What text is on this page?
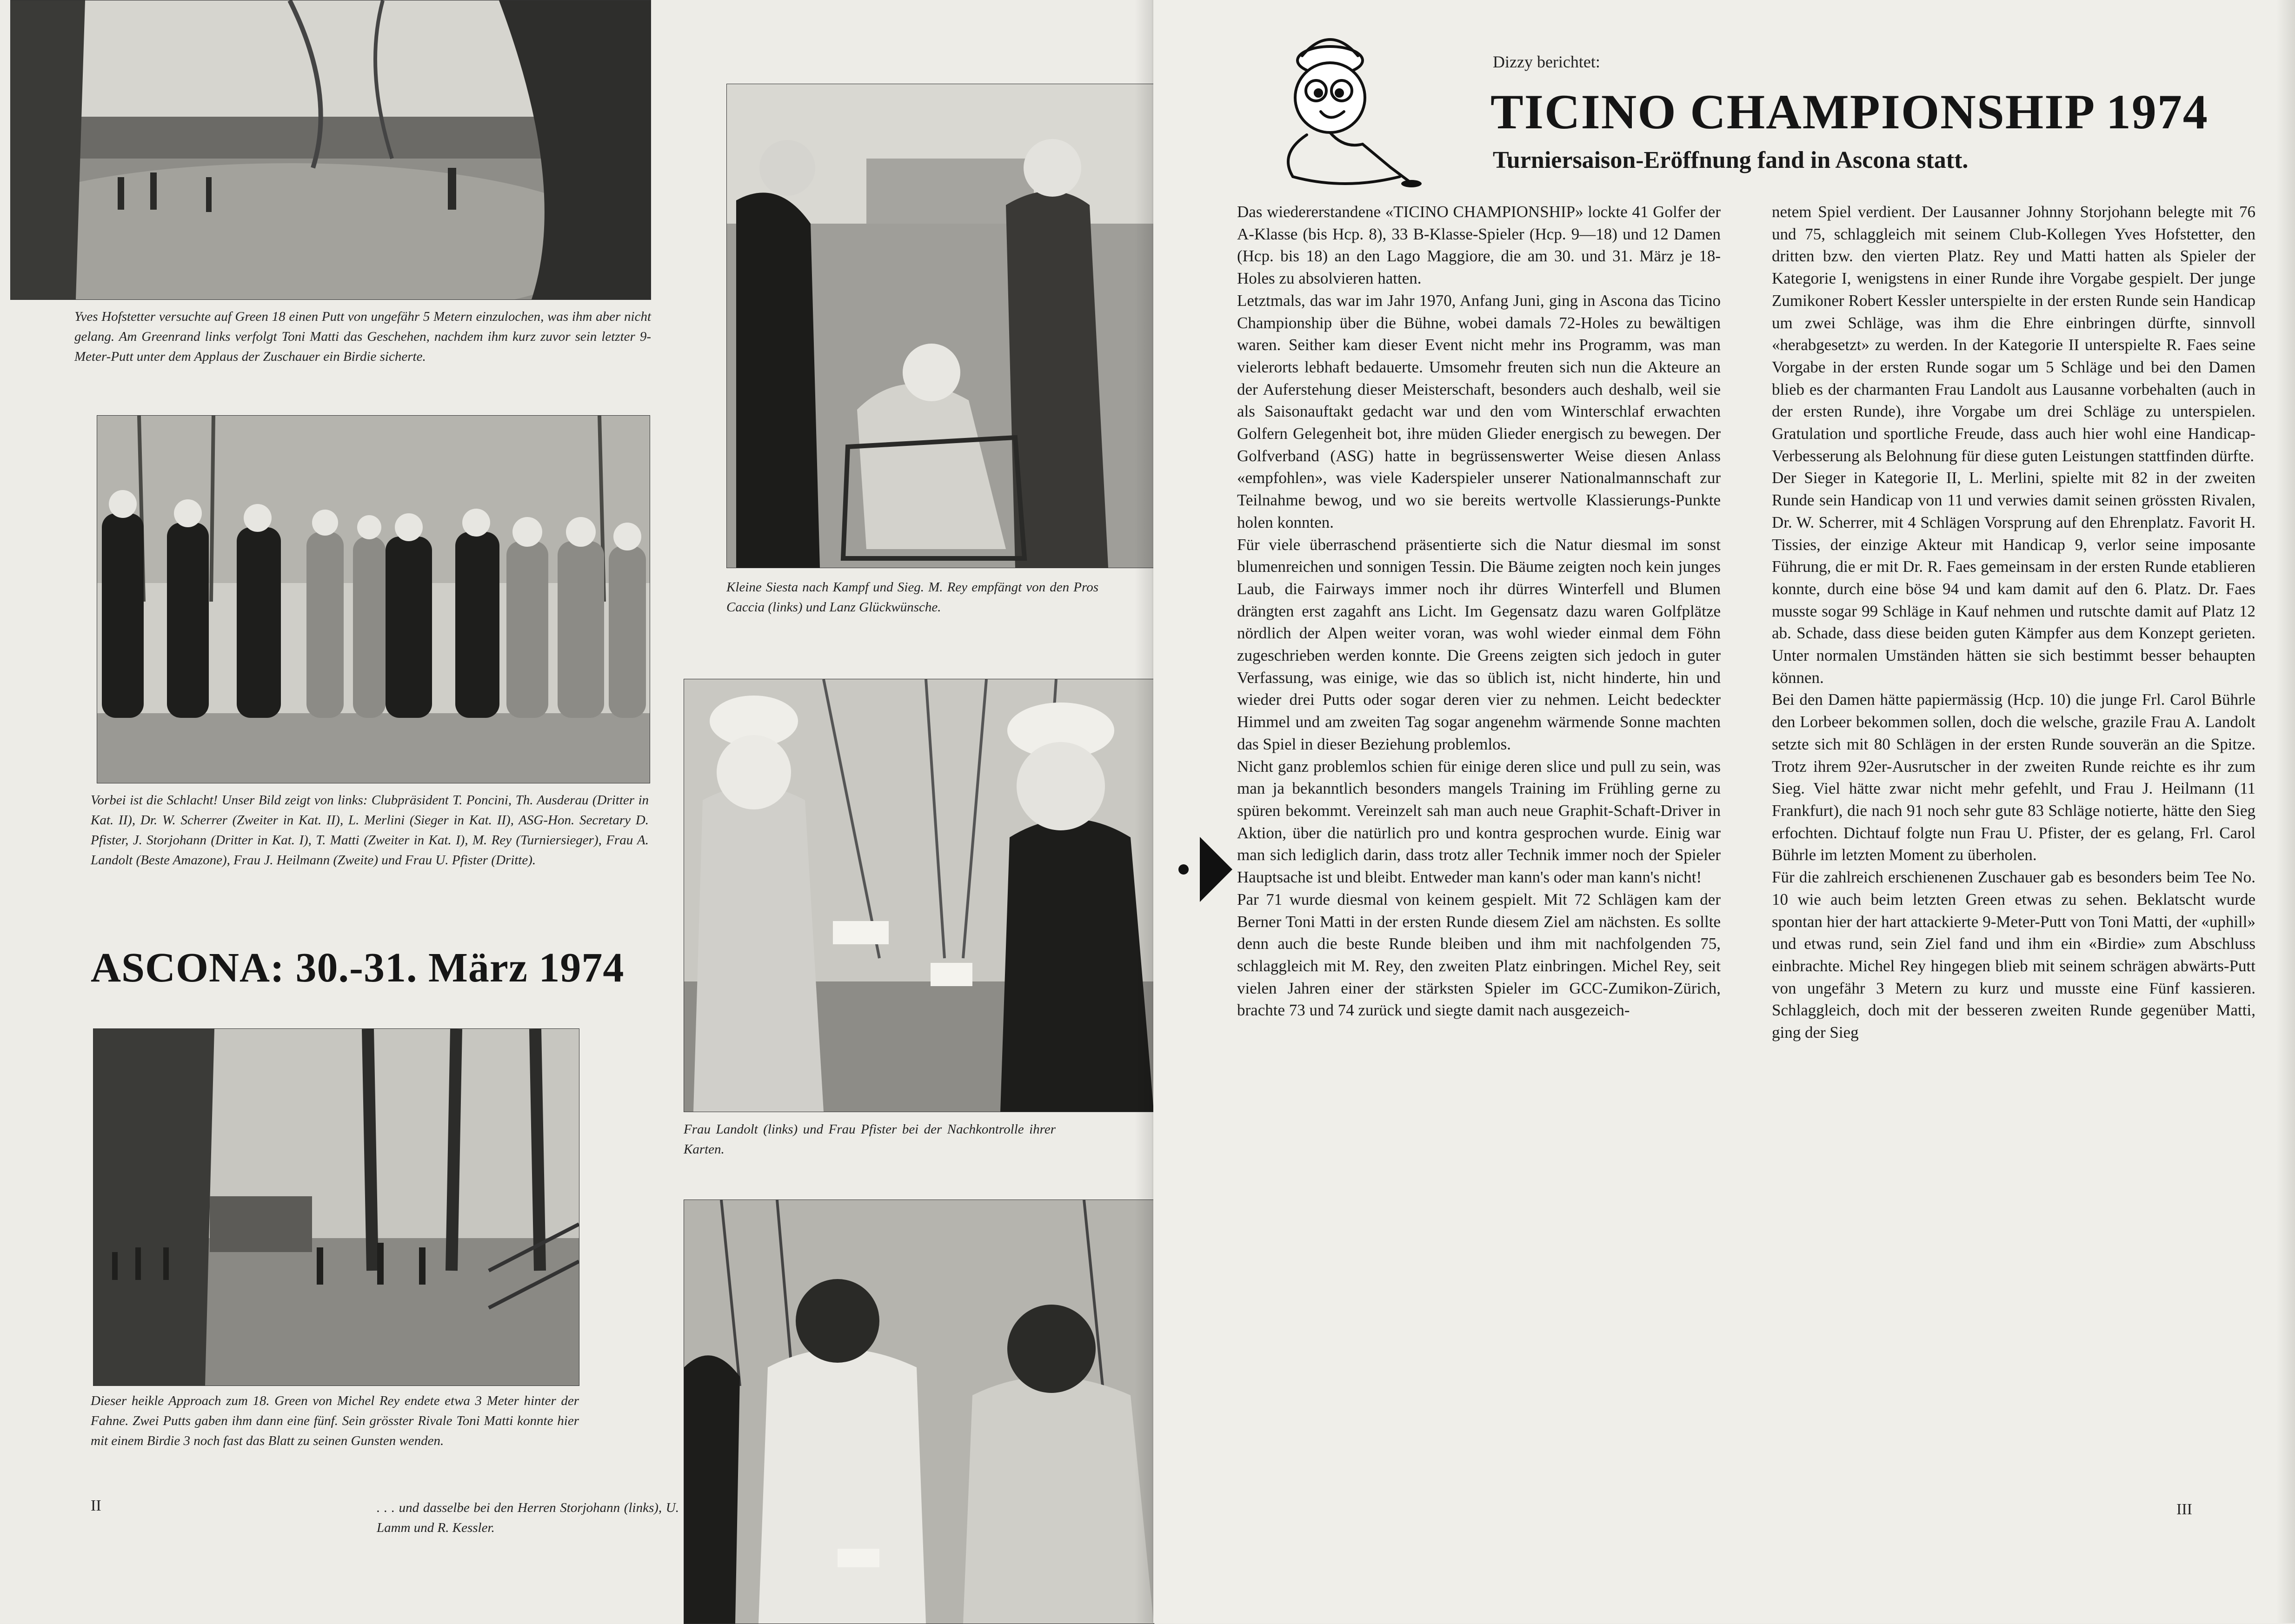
Yves Hofstetter versuchte auf Green 18 einen Putt von ungefähr 5 Metern einzulochen, was ihm aber nicht gelang. Am Greenrand links verfolgt Toni Matti das Geschehen, nachdem ihm kurz zuvor sein letzter 9-Meter-Putt unter dem Applaus der Zuschauer ein Birdie sicherte.

Vorbei ist die Schlacht! Unser Bild zeigt von links: Clubpräsident T. Poncini, Th. Ausderau (Dritter in Kat. II), Dr. W. Scherrer (Zweiter in Kat. II), L. Merlini (Sieger in Kat. II), ASG-Hon. Secretary D. Pfister, J. Storjohann (Dritter in Kat. I), T. Matti (Zweiter in Kat. I), M. Rey (Turniersieger), Frau A. Landolt (Beste Amazone), Frau J. Heilmann (Zweite) und Frau U. Pfister (Dritte).

ASCONA: 30.-31. März 1974

Dieser heikle Approach zum 18. Green von Michel Rey endete etwa 3 Meter hinter der Fahne. Zwei Putts gaben ihm dann eine fünf. Sein grösster Rivale Toni Matti konnte hier mit einem Birdie 3 noch fast das Blatt zu seinen Gunsten wenden.

II

Kleine Siesta nach Kampf und Sieg. M. Rey empfängt von den Pros Caccia (links) und Lanz Glückwünsche.

Frau Landolt (links) und Frau Pfister bei der Nachkontrolle ihrer Karten.

. . . und dasselbe bei den Herren Storjohann (links), U. Lamm und R. Kessler.

Dizzy berichtet:

TICINO CHAMPIONSHIP 1974
Turniersaison-Eröffnung fand in Ascona statt.

Das wiedererstandene «TICINO CHAMPIONSHIP» lockte 41 Golfer der A-Klasse (bis Hcp. 8), 33 B-Klasse-Spieler (Hcp. 9—18) und 12 Damen (Hcp. bis 18) an den Lago Maggiore, die am 30. und 31. März je 18-Holes zu absolvieren hatten.

Letztmals, das war im Jahr 1970, Anfang Juni, ging in Ascona das Ticino Championship über die Bühne, wobei damals 72-Holes zu bewältigen waren. Seither kam dieser Event nicht mehr ins Programm, was man vielerorts lebhaft bedauerte. Umsomehr freuten sich nun die Akteure an der Auferstehung dieser Meisterschaft, besonders auch deshalb, weil sie als Saisonauftakt gedacht war und den vom Winterschlaf erwachten Golfern Gelegenheit bot, ihre müden Glieder energisch zu bewegen. Der Golfverband (ASG) hatte in begrüssenswerter Weise diesen Anlass «empfohlen», was viele Kaderspieler unserer Nationalmannschaft zur Teilnahme bewog, und wo sie bereits wertvolle Klassierungs-Punkte holen konnten.

Für viele überraschend präsentierte sich die Natur diesmal im sonst blumenreichen und sonnigen Tessin. Die Bäume zeigten noch kein junges Laub, die Fairways immer noch ihr dürres Winterfell und Blumen drängten erst zagahft ans Licht. Im Gegensatz dazu waren Golfplätze nördlich der Alpen weiter voran, was wohl wieder einmal dem Föhn zugeschrieben werden konnte. Die Greens zeigten sich jedoch in guter Verfassung, was einige, wie das so üblich ist, nicht hinderte, hin und wieder drei Putts oder sogar deren vier zu nehmen. Leicht bedeckter Himmel und am zweiten Tag sogar angenehm wärmende Sonne machten das Spiel in dieser Beziehung problemlos.

Nicht ganz problemlos schien für einige deren slice und pull zu sein, was man ja bekanntlich besonders mangels Training im Frühling gerne zu spüren bekommt. Vereinzelt sah man auch neue Graphit-Schaft-Driver in Aktion, über die natürlich pro und kontra gesprochen wurde. Einig war man sich lediglich darin, dass trotz aller Technik immer noch der Spieler Hauptsache ist und bleibt. Entweder man kann's oder man kann's nicht!

Par 71 wurde diesmal von keinem gespielt. Mit 72 Schlägen kam der Berner Toni Matti in der ersten Runde diesem Ziel am nächsten. Es sollte denn auch die beste Runde bleiben und ihm mit nachfolgenden 75, schlaggleich mit M. Rey, den zweiten Platz einbringen. Michel Rey, seit vielen Jahren einer der stärksten Spieler im GCC-Zumikon-Zürich, brachte 73 und 74 zurück und siegte damit nach ausgezeich-

netem Spiel verdient. Der Lausanner Johnny Storjohann belegte mit 76 und 75, schlaggleich mit seinem Club-Kollegen Yves Hofstetter, den dritten bzw. den vierten Platz. Rey und Matti hatten als Spieler der Kategorie I, wenigstens in einer Runde ihre Vorgabe gespielt. Der junge Zumikoner Robert Kessler unterspielte in der ersten Runde sein Handicap um zwei Schläge, was ihm die Ehre einbringen dürfte, sinnvoll «herabgesetzt» zu werden. In der Kategorie II unterspielte R. Faes seine Vorgabe in der ersten Runde sogar um 5 Schläge und bei den Damen blieb es der charmanten Frau Landolt aus Lausanne vorbehalten (auch in der ersten Runde), ihre Vorgabe um drei Schläge zu unterspielen. Gratulation und sportliche Freude, dass auch hier wohl eine Handicap-Verbesserung als Belohnung für diese guten Leistungen stattfinden dürfte.

Der Sieger in Kategorie II, L. Merlini, spielte mit 82 in der zweiten Runde sein Handicap von 11 und verwies damit seinen grössten Rivalen, Dr. W. Scherrer, mit 4 Schlägen Vorsprung auf den Ehrenplatz. Favorit H. Tissies, der einzige Akteur mit Handicap 9, verlor seine imposante Führung, die er mit Dr. R. Faes gemeinsam in der ersten Runde etablieren konnte, durch eine böse 94 und kam damit auf den 6. Platz. Dr. Faes musste sogar 99 Schläge in Kauf nehmen und rutschte damit auf Platz 12 ab. Schade, dass diese beiden guten Kämpfer aus dem Konzept gerieten. Unter normalen Umständen hätten sie sich bestimmt besser behaupten können.

Bei den Damen hätte papiermässig (Hcp. 10) die junge Frl. Carol Bührle den Lorbeer bekommen sollen, doch die welsche, grazile Frau A. Landolt setzte sich mit 80 Schlägen in der ersten Runde souverän an die Spitze. Trotz ihrem 92er-Ausrutscher in der zweiten Runde reichte es ihr zum Sieg. Viel hätte zwar nicht mehr gefehlt, und Frau J. Heilmann (11 Frankfurt), die nach 91 noch sehr gute 83 Schläge notierte, hätte den Sieg erfochten. Dichtauf folgte nun Frau U. Pfister, der es gelang, Frl. Carol Bührle im letzten Moment zu überholen.

Für die zahlreich erschienenen Zuschauer gab es besonders beim Tee No. 10 wie auch beim letzten Green etwas zu sehen. Beklatscht wurde spontan hier der hart attackierte 9-Meter-Putt von Toni Matti, der «uphill» und etwas rund, sein Ziel fand und ihm ein «Birdie» zum Abschluss einbrachte. Michel Rey hingegen blieb mit seinem schrägen abwärts-Putt von ungefähr 3 Metern zu kurz und musste eine Fünf kassieren. Schlaggleich, doch mit der besseren zweiten Runde gegenüber Matti, ging der Sieg

III
